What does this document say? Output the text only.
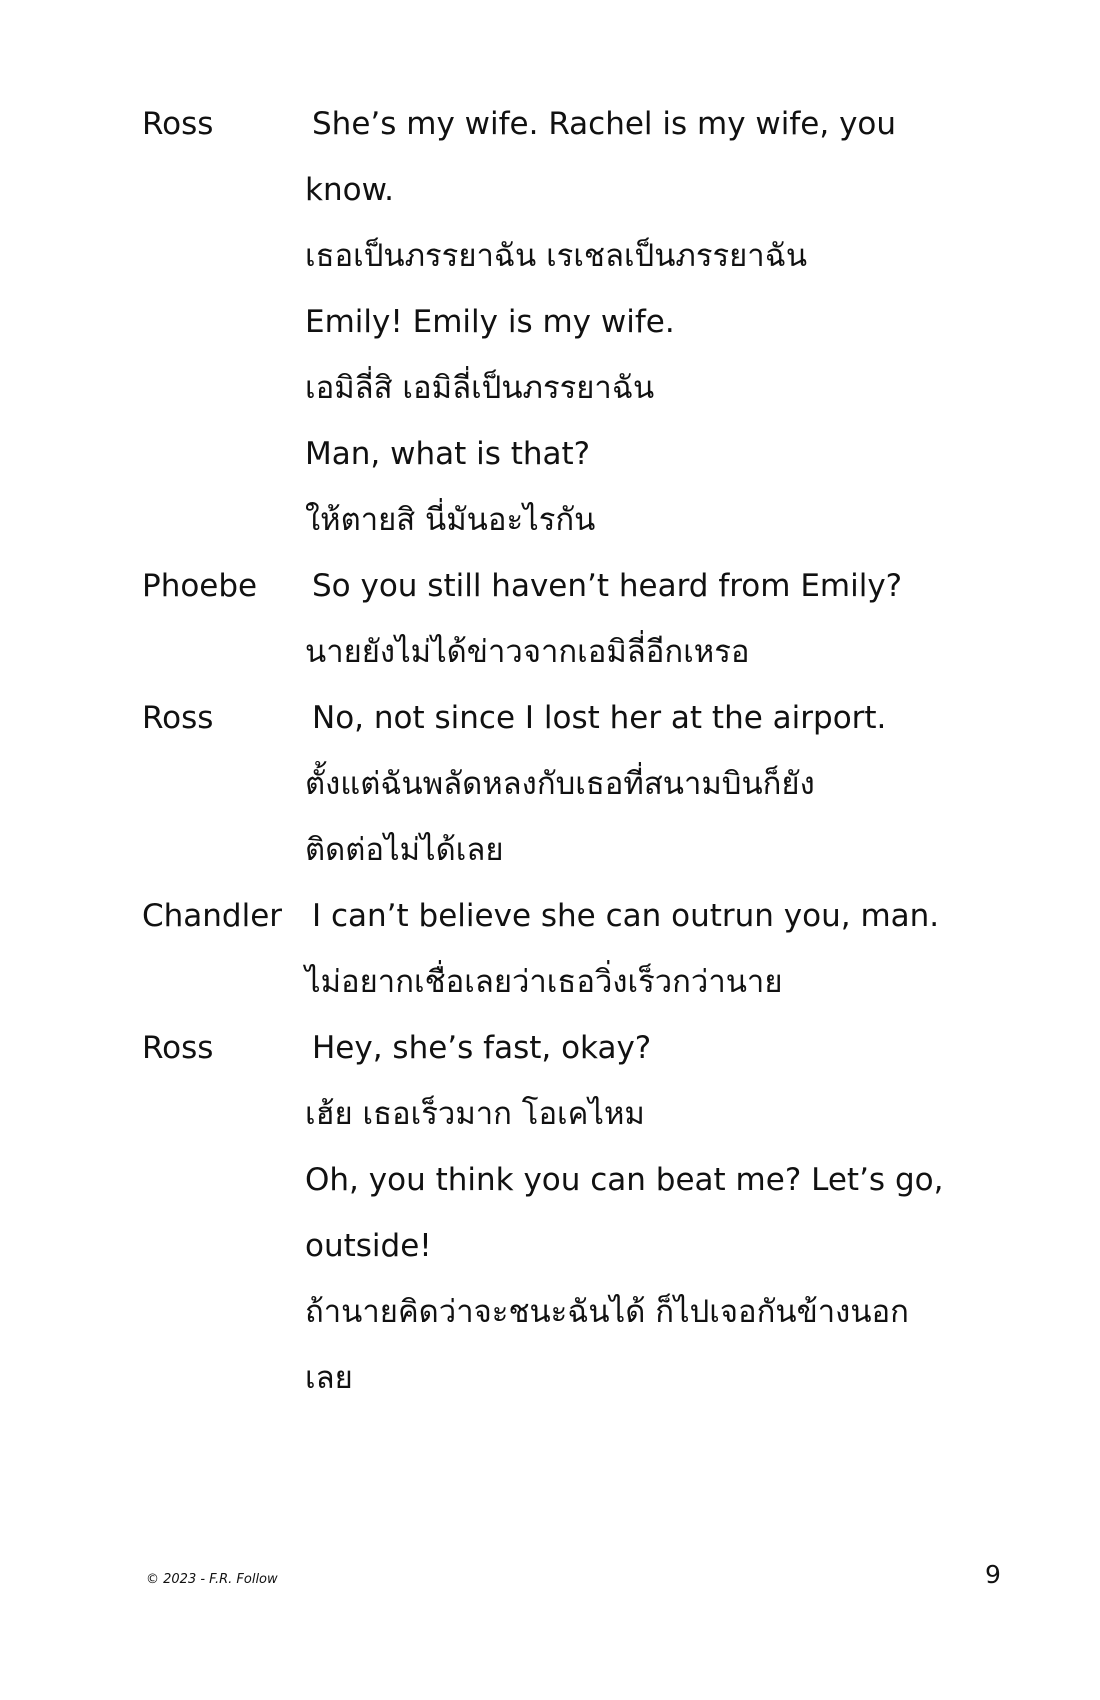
Ross	She’s my wife. Rachel is my wife, you
know.
เธอเป็นภรรยาฉัน เรเชลเป็นภรรยาฉัน
Emily! Emily is my wife.
เอมิลี่สิ เอมิลี่เป็นภรรยาฉัน
Man, what is that?
ให้ตายสิ นี่มันอะไรกัน
Phoebe	So you still haven’t heard from Emily?
นายยังไม่ได้ข่าวจากเอมิลี่อีกเหรอ
Ross	No, not since I lost her at the airport.
ตั้งแต่ฉันพลัดหลงกับเธอที่สนามบินก็ยัง
ติดต่อไม่ได้เลย
Chandler I can’t believe she can outrun you, man.
ไม่อยากเชื่อเลยว่าเธอวิ่งเร็วกว่านาย
Ross	Hey, she’s fast, okay?
เฮ้ย เธอเร็วมาก โอเคไหม
Oh, you think you can beat me? Let’s go,
outside!
ถ้านายคิดว่าจะชนะฉันได้ ก็ไปเจอกันข้างนอก
เลย
© 2023 - F.R. Follow	9
